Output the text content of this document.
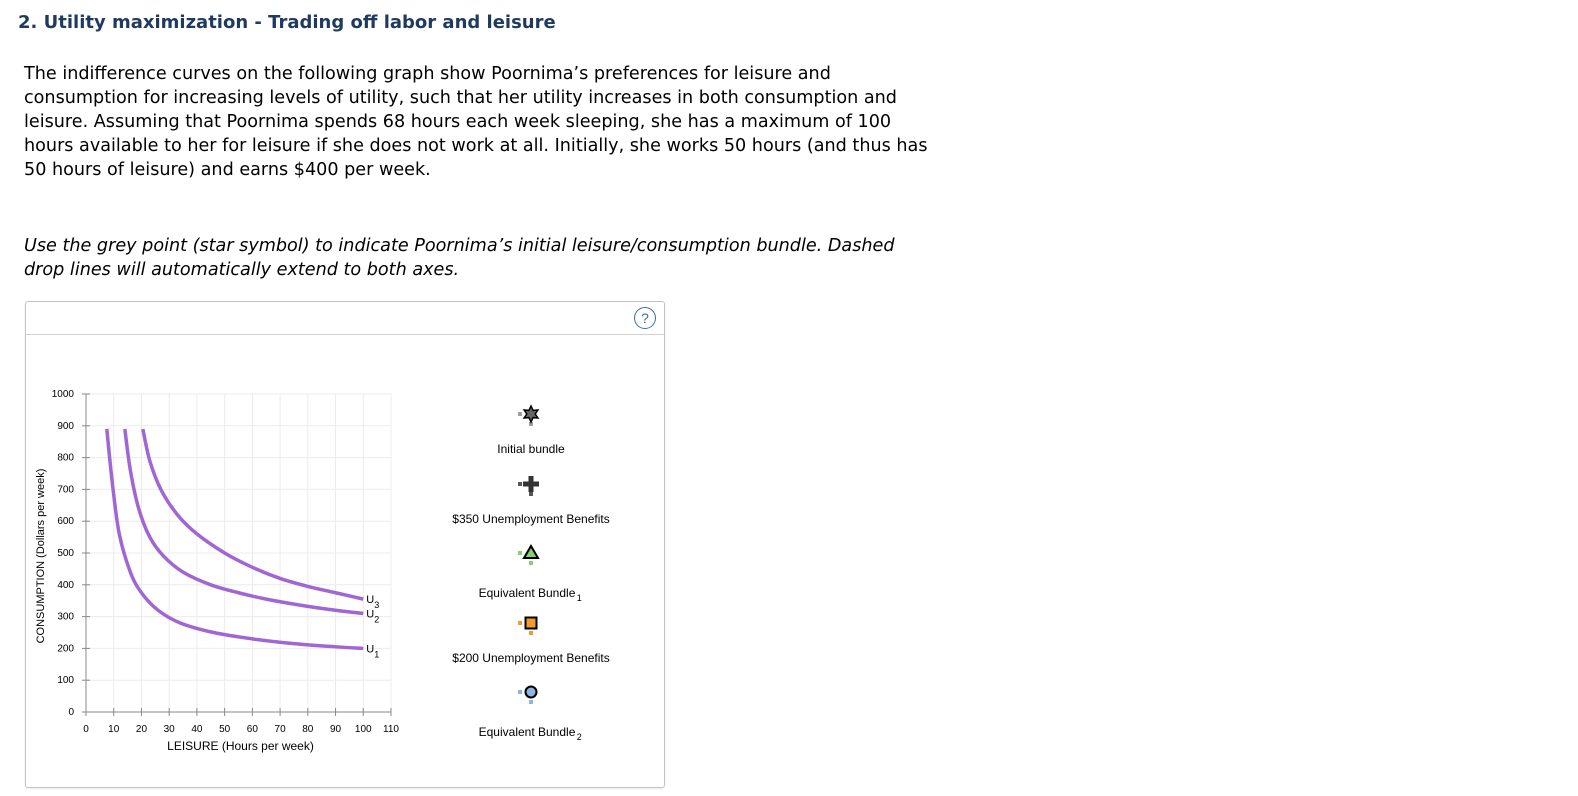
2. Utility maximization - Trading off labor and leisure
The indifference curves on the following graph show Poornima’s preferences for leisure and consumption for increasing levels of utility, such that her utility increases in both consumption and leisure. Assuming that Poornima spends 68 hours each week sleeping, she has a maximum of 100 hours available to her for leisure if she does not work at all. Initially, she works 50 hours (and thus has 50 hours of leisure) and earns $400 per week.
Use the grey point (star symbol) to indicate Poornima’s initial leisure/consumption bundle. Dashed drop lines will automatically extend to both axes.
0 10 20 30 40 50 60 70 80 90 100 110
0
100
200
300
400
500
600
700
800
900
1000
LEISURE (Hours per week)
CONSUMPTION (Dollars per week)
U 1
U 2
U 3
Initial bundle
$350 Unemployment Benefits
Equivalent Bundle 1
$200 Unemployment Benefits
Equivalent Bundle 2
?
